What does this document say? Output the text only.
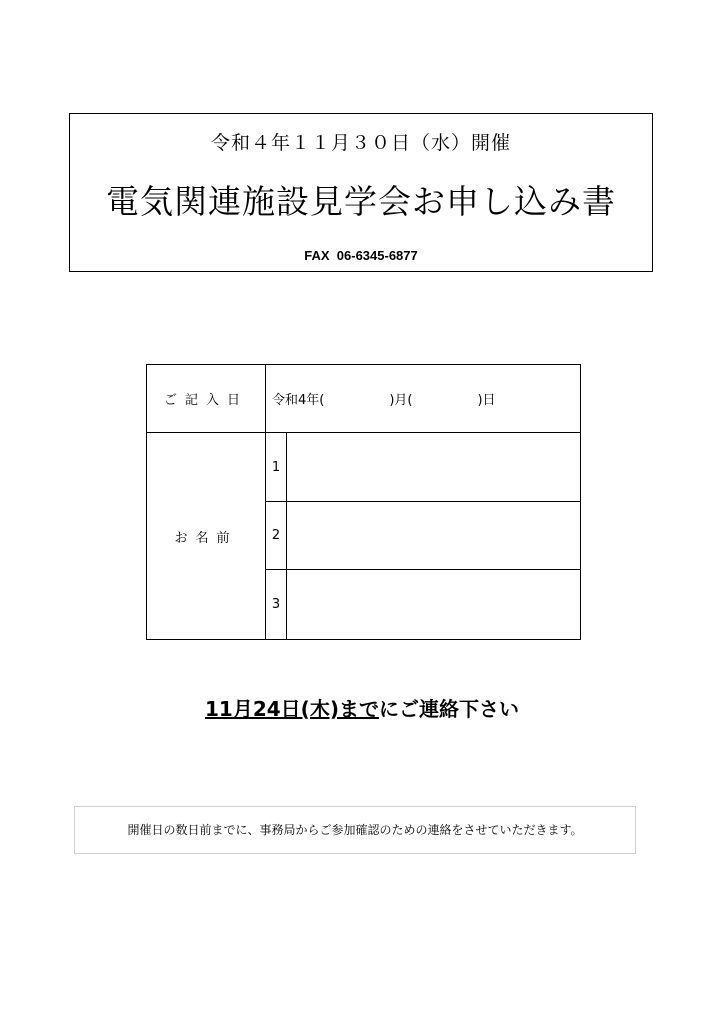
令和４年１１月３０日（水）開催
電気関連施設見学会お申し込み書
FAX 06-6345-6877
ご記入日	令和4年(　　　　　)月(　　　　　)日	
お名前	1	

	2	

	3	

11月24日(木)までにご連絡下さい
開催日の数日前までに、事務局からご参加確認のための連絡をさせていただきます。
